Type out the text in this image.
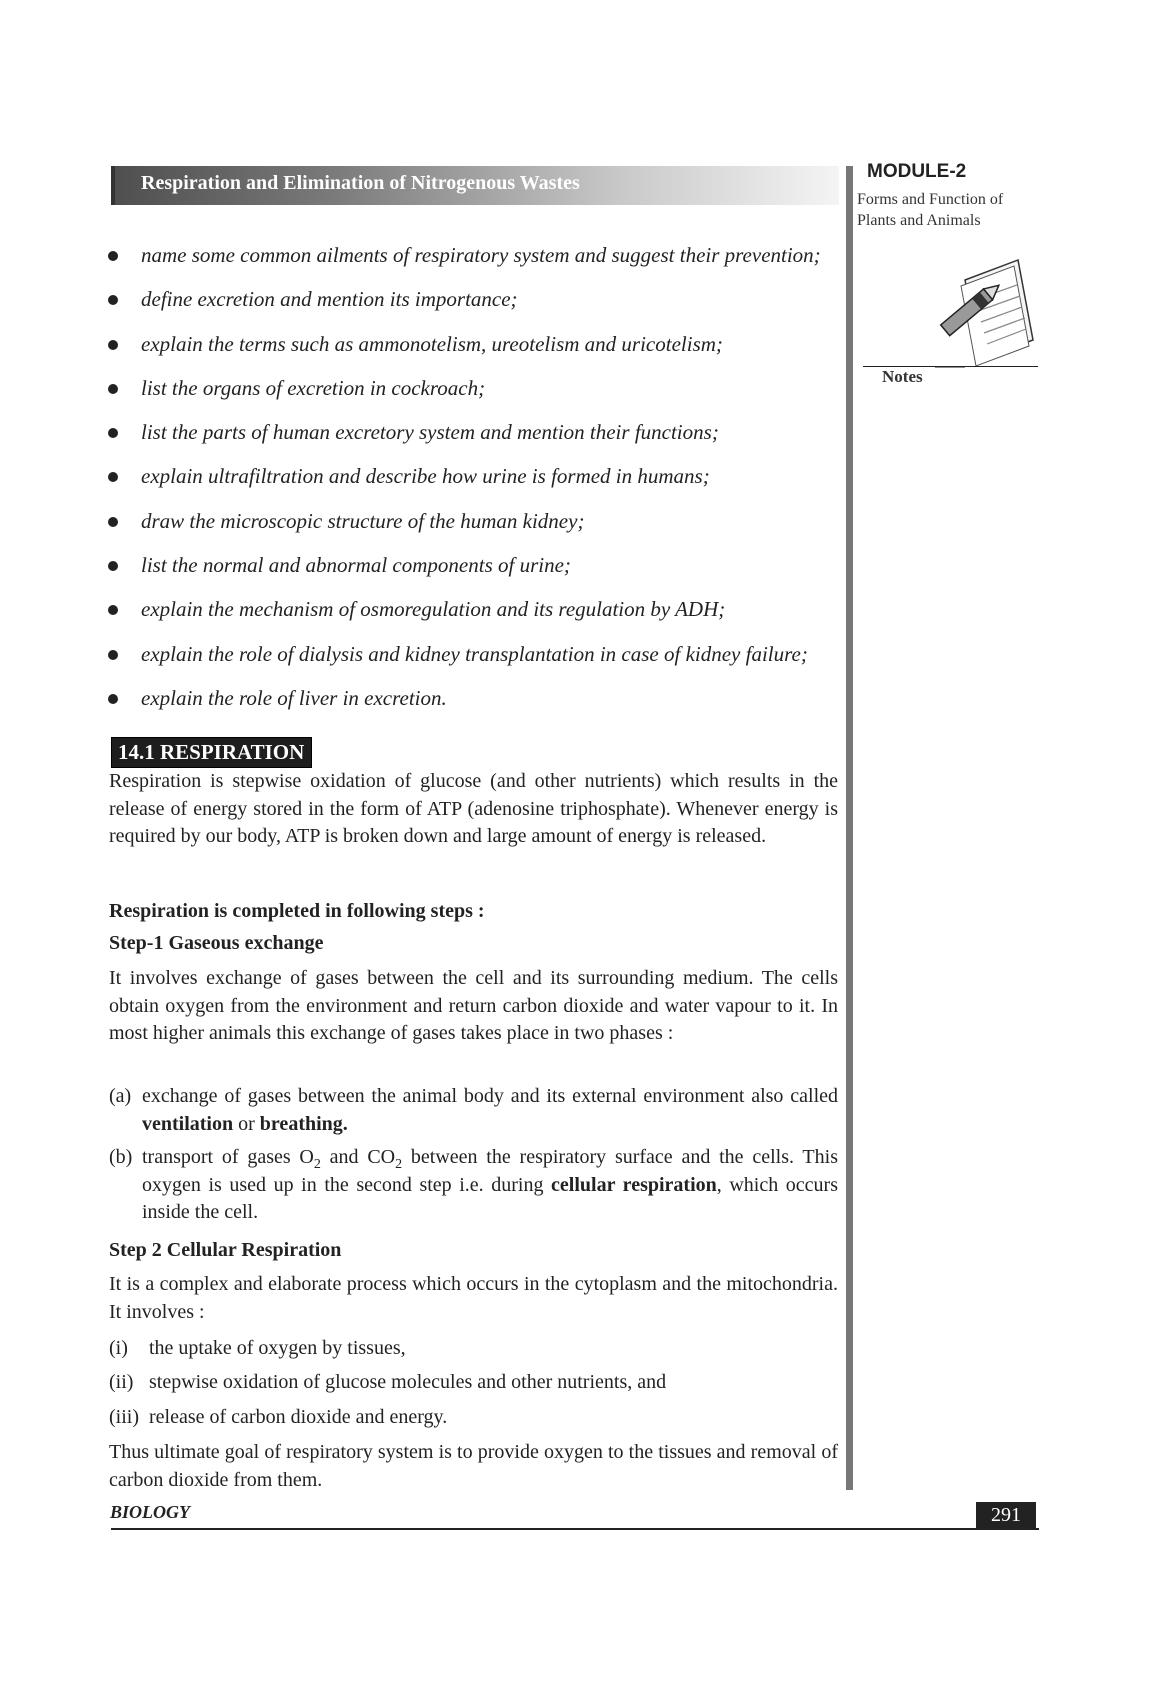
Respiration and Elimination of Nitrogenous Wastes
MODULE-2
Forms and Function of
Plants and Animals
Notes
name some common ailments of respiratory system and suggest their prevention;
define excretion and mention its importance;
explain the terms such as ammonotelism, ureotelism and uricotelism;
list the organs of excretion in cockroach;
list the parts of human excretory system and mention their functions;
explain ultrafiltration and describe how urine is formed in humans;
draw the microscopic structure of the human kidney;
list the normal and abnormal components of urine;
explain the mechanism of osmoregulation and its regulation by ADH;
explain the role of dialysis and kidney transplantation in case of kidney failure;
explain the role of liver in excretion.
14.1 RESPIRATION
Respiration is stepwise oxidation of glucose (and other nutrients) which results in the release of energy stored in the form of ATP (adenosine triphosphate). Whenever energy is required by our body, ATP is broken down and large amount of energy is released.
Respiration is completed in following steps :
Step-1 Gaseous exchange
It involves exchange of gases between the cell and its surrounding medium. The cells obtain oxygen from the environment and return carbon dioxide and water vapour to it. In most higher animals this exchange of gases takes place in two phases :
(a) exchange of gases between the animal body and its external environment also called ventilation or breathing.
(b) transport of gases $O_2$ and $CO_2$ between the respiratory surface and the cells. This oxygen is used up in the second step i.e. during cellular respiration, which occurs inside the cell.
Step 2 Cellular Respiration
It is a complex and elaborate process which occurs in the cytoplasm and the mitochondria. It involves :
(i) the uptake of oxygen by tissues,
(ii) stepwise oxidation of glucose molecules and other nutrients, and
(iii) release of carbon dioxide and energy.
Thus ultimate goal of respiratory system is to provide oxygen to the tissues and removal of carbon dioxide from them.
BIOLOGY	291
